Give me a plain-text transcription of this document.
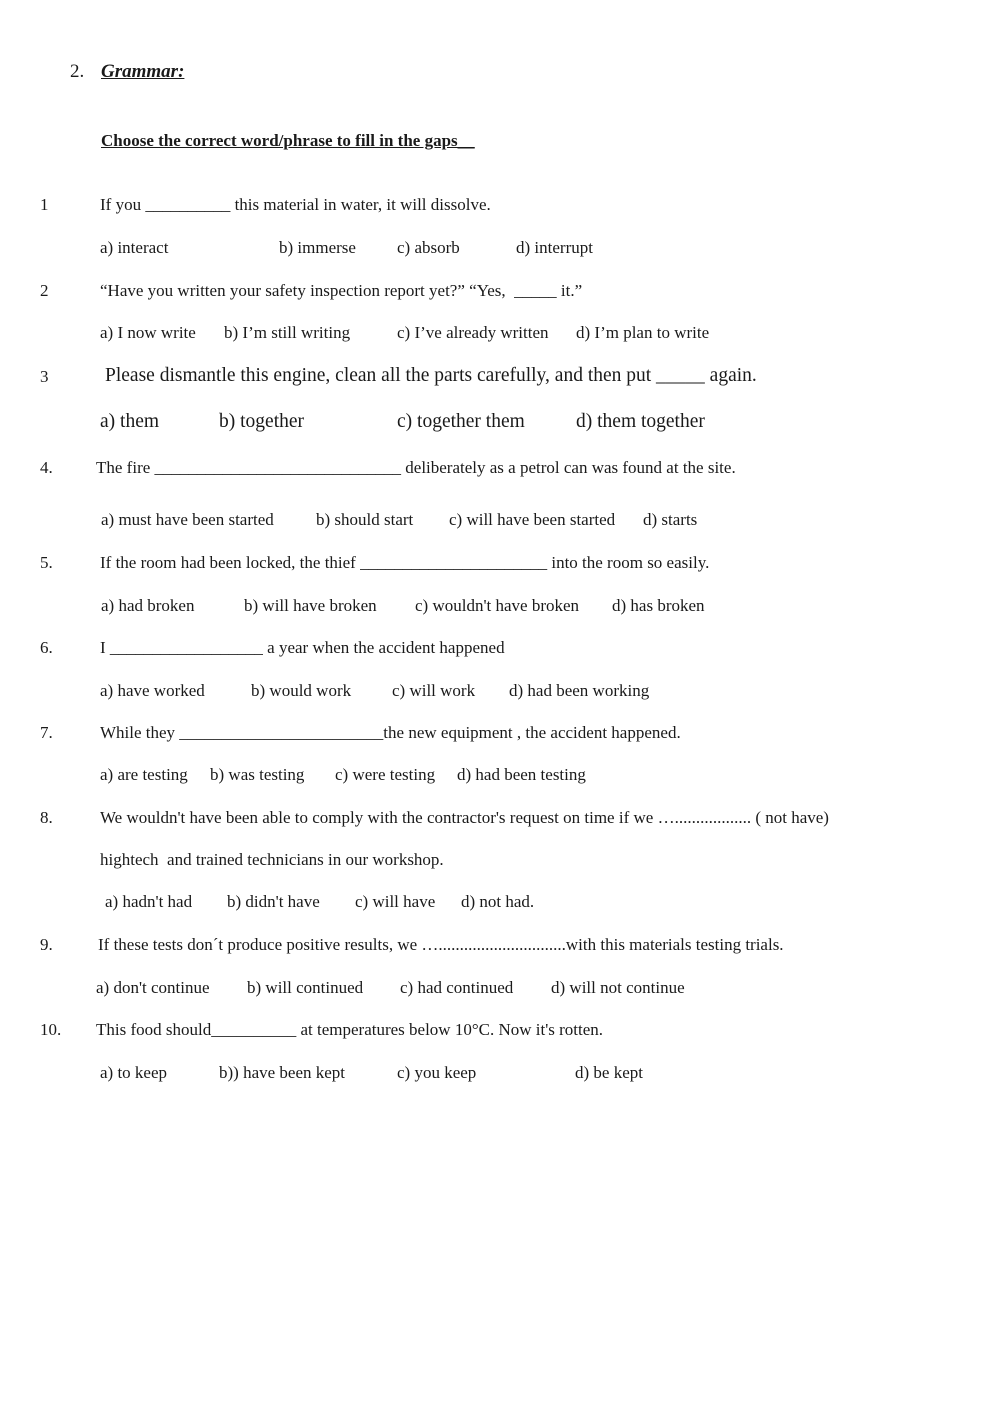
2. Grammar:
Choose the correct word/phrase to fill in the gaps__
1	If you __________ this material in water, it will dissolve.
a) interact	b) immerse c) absorb	d) interrupt
2	“Have you written your safety inspection report yet?” “Yes,  _____ it.”
a) I now write b) I’m still writing	c) I’ve already written d) I’m plan to write
3	Please dismantle this engine, clean all the parts carefully, and then put _____ again.
a) them	b) together	c) together them	d) them together
4.	The fire _____________________________ deliberately as a petrol can was found at the site.
a) must have been started b) should start c) will have been started d) starts
5.	If the room had been locked, the thief ______________________ into the room so easily.
a) had broken	b) will have broken c) wouldn't have broken d) has broken
6.	I __________________ a year when the accident happened
a) have worked	b) would work c) will work d) had been working
7.	While they ________________________the new equipment , the accident happened.
a) are testing b) was testing c) were testing d) had been testing
8.	We wouldn't have been able to comply with the contractor's request on time if we ….................. ( not have)
hightech  and trained technicians in our workshop.
a) hadn't had b) didn't have c) will have d) not had.
9.	If these tests don´t produce positive results, we …..............................with this materials testing trials.
a) don't continue b) will continued c) had continued d) will not continue
10. This food should__________ at temperatures below 10°C. Now it's rotten.
a) to keep	b)) have been kept	c) you keep	d) be kept
